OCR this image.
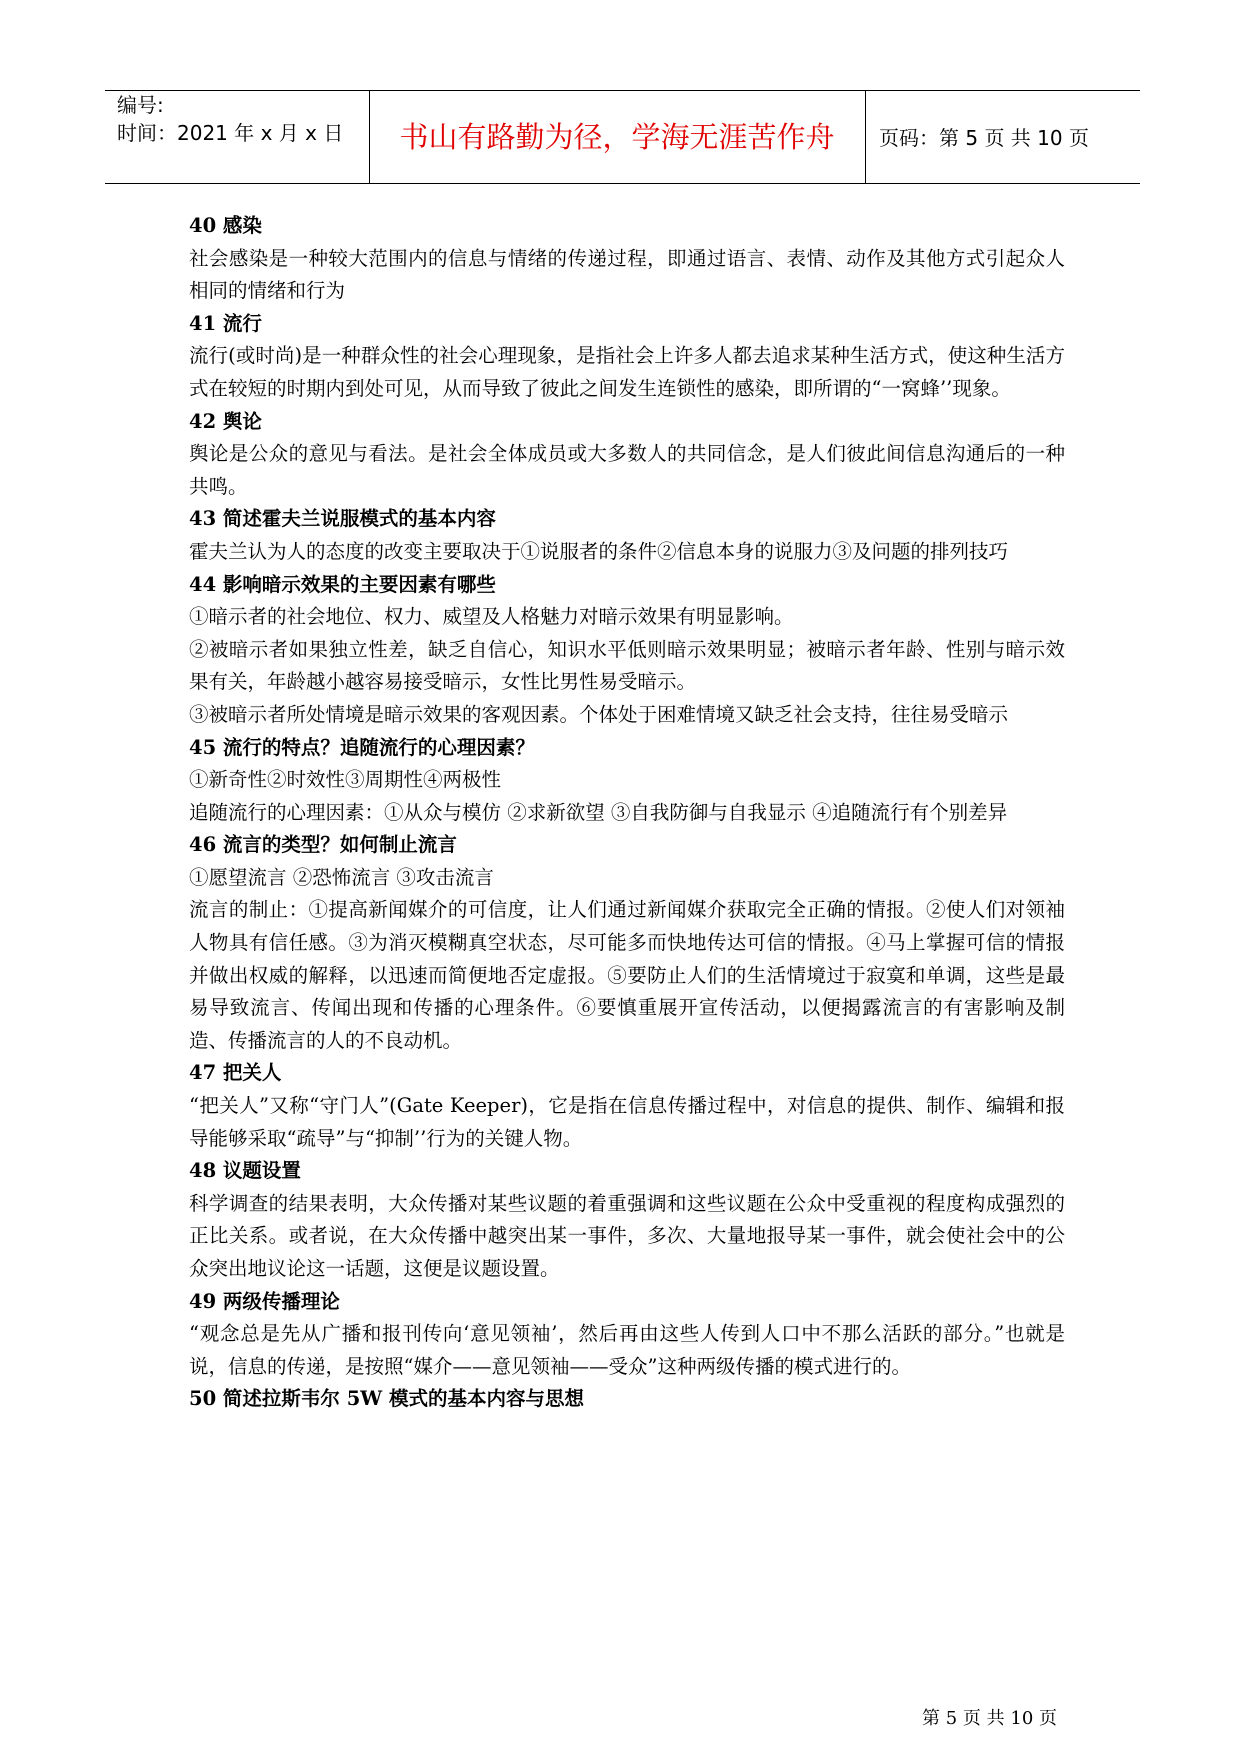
编号:
时间：2021 年 x 月 x 日	书山有路勤为径，学海无涯苦作舟	页码：第 5 页 共 10 页

40 感染

社会感染是一种较大范围内的信息与情绪的传递过程，即通过语言、表情、动作及其他方式引起众人相同的情绪和行为

41 流行

流行(或时尚)是一种群众性的社会心理现象，是指社会上许多人都去追求某种生活方式，使这种生活方式在较短的时期内到处可见，从而导致了彼此之间发生连锁性的感染，即所谓的“一窝蜂’’现象。

42 舆论

舆论是公众的意见与看法。是社会全体成员或大多数人的共同信念，是人们彼此间信息沟通后的一种共鸣。

43 简述霍夫兰说服模式的基本内容

霍夫兰认为人的态度的改变主要取决于①说服者的条件②信息本身的说服力③及问题的排列技巧

44 影响暗示效果的主要因素有哪些

①暗示者的社会地位、权力、威望及人格魅力对暗示效果有明显影响。

②被暗示者如果独立性差，缺乏自信心，知识水平低则暗示效果明显；被暗示者年龄、性别与暗示效果有关，年龄越小越容易接受暗示，女性比男性易受暗示。

③被暗示者所处情境是暗示效果的客观因素。个体处于困难情境又缺乏社会支持，往往易受暗示

45 流行的特点？追随流行的心理因素？

①新奇性②时效性③周期性④两极性

追随流行的心理因素：①从众与模仿 ②求新欲望 ③自我防御与自我显示 ④追随流行有个别差异

46 流言的类型？如何制止流言

①愿望流言 ②恐怖流言 ③攻击流言

流言的制止：①提高新闻媒介的可信度，让人们通过新闻媒介获取完全正确的情报。②使人们对领袖人物具有信任感。③为消灭模糊真空状态，尽可能多而快地传达可信的情报。④马上掌握可信的情报并做出权威的解释，以迅速而简便地否定虚报。⑤要防止人们的生活情境过于寂寞和单调，这些是最易导致流言、传闻出现和传播的心理条件。⑥要慎重展开宣传活动，以便揭露流言的有害影响及制造、传播流言的人的不良动机。

47 把关人

“把关人”又称“守门人”(Gate Keeper)，它是指在信息传播过程中，对信息的提供、制作、编辑和报导能够采取“疏导”与“抑制’’行为的关键人物。

48 议题设置

科学调查的结果表明，大众传播对某些议题的着重强调和这些议题在公众中受重视的程度构成强烈的正比关系。或者说，在大众传播中越突出某一事件，多次、大量地报导某一事件，就会使社会中的公众突出地议论这一话题，这便是议题设置。

49 两级传播理论

“观念总是先从广播和报刊传向‘意见领袖’，然后再由这些人传到人口中不那么活跃的部分。”也就是说，信息的传递，是按照“媒介——意见领袖——受众”这种两级传播的模式进行的。

50 简述拉斯韦尔 5W 模式的基本内容与思想

第 5 页 共 10 页
